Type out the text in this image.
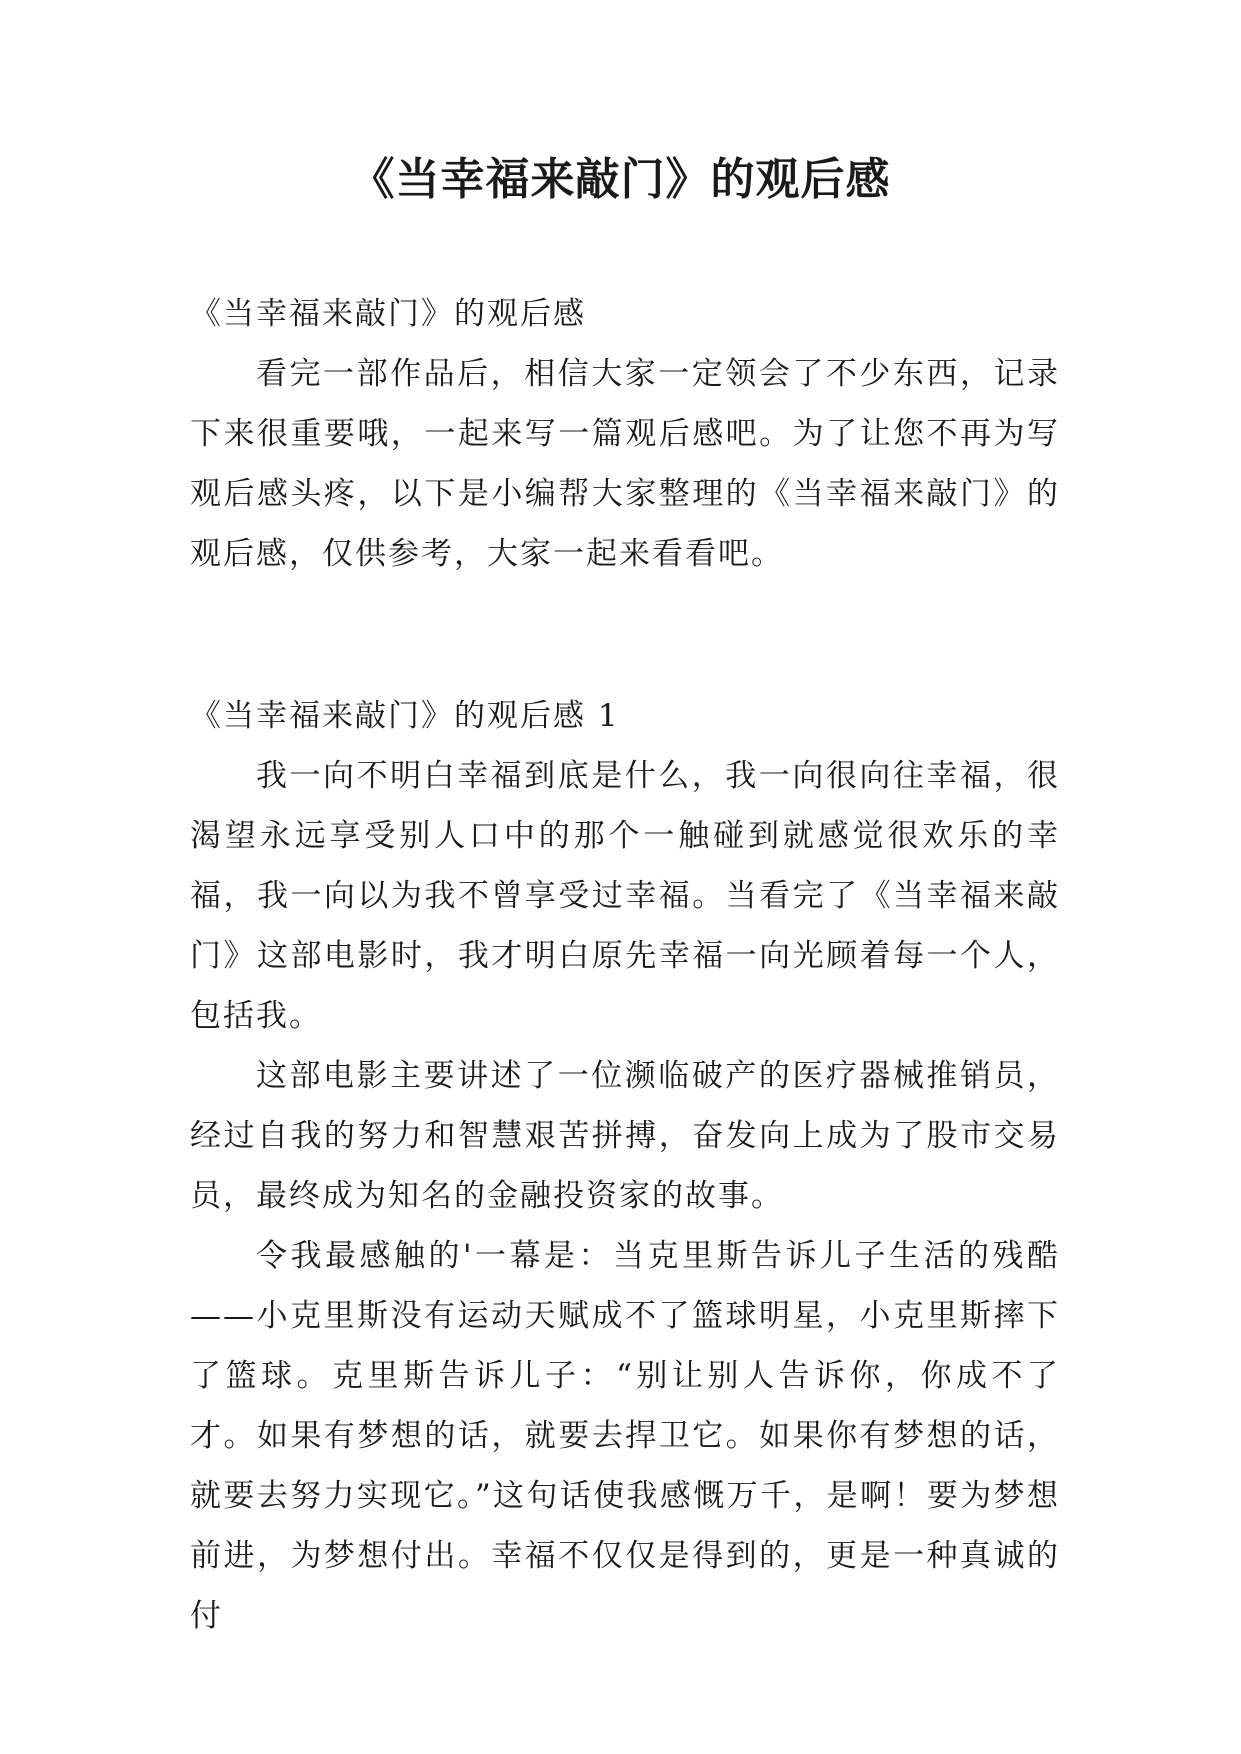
《当幸福来敲门》的观后感

《当幸福来敲门》的观后感

看完一部作品后，相信大家一定领会了不少东西，记录下来很重要哦，一起来写一篇观后感吧。为了让您不再为写观后感头疼，以下是小编帮大家整理的《当幸福来敲门》的观后感，仅供参考，大家一起来看看吧。

《当幸福来敲门》的观后感 1

我一向不明白幸福到底是什么，我一向很向往幸福，很渴望永远享受别人口中的那个一触碰到就感觉很欢乐的幸福，我一向以为我不曾享受过幸福。当看完了《当幸福来敲门》这部电影时，我才明白原先幸福一向光顾着每一个人，包括我。

这部电影主要讲述了一位濒临破产的医疗器械推销员，经过自我的努力和智慧艰苦拼搏，奋发向上成为了股市交易员，最终成为知名的金融投资家的故事。

令我最感触的'一幕是：当克里斯告诉儿子生活的残酷——小克里斯没有运动天赋成不了篮球明星，小克里斯摔下了篮球。克里斯告诉儿子：“别让别人告诉你，你成不了才。如果有梦想的话，就要去捍卫它。如果你有梦想的话，就要去努力实现它。”这句话使我感慨万千，是啊！要为梦想前进，为梦想付出。幸福不仅仅是得到的，更是一种真诚的付
